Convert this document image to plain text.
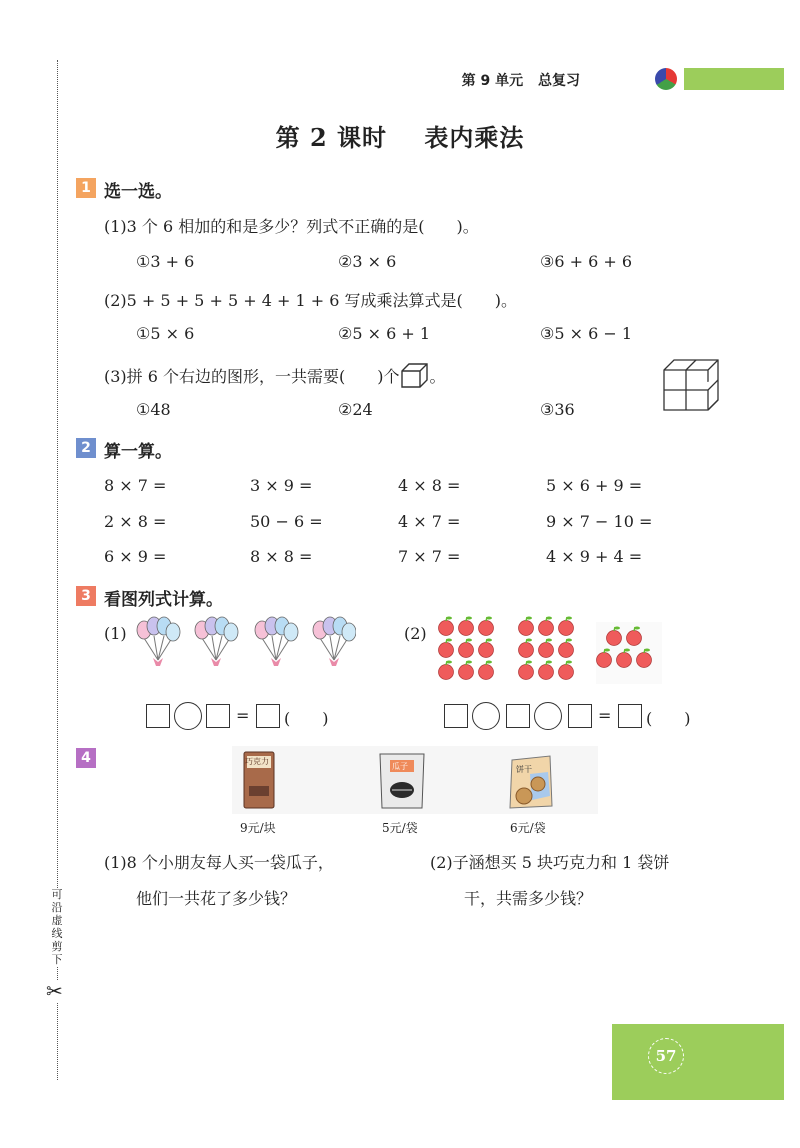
可沿虚线剪下
✂
第 9 单元 总复习
第 2 课时 表内乘法
1 选一选。
(1)3 个 6 相加的和是多少？列式不正确的是(　　)。
①3 + 6	②3 × 6	③6 + 6 + 6
(2)5 + 5 + 5 + 5 + 4 + 1 + 6 写成乘法算式是(　　)。
①5 × 6	②5 × 6 + 1	③5 × 6 − 1
(3)拼 6 个右边的图形，一共需要(　　)个 。
①48	②24	③36
2 算一算。
8 × 7 =	3 × 9 =	4 × 8 =	5 × 6 + 9 =
2 × 8 =	50 − 6 =	4 × 7 =	9 × 7 − 10 =
6 × 9 =	8 × 8 =	7 × 7 =	4 × 9 + 4 =
3 看图列式计算。
(1)	(2)
= (　　)	= (　　)
4	巧克力
瓜子	饼干
9元/块	5元/袋	6元/袋
(1)8 个小朋友每人买一袋瓜子，
他们一共花了多少钱？
(2)子涵想买 5 块巧克力和 1 袋饼
干，共需多少钱？
57
